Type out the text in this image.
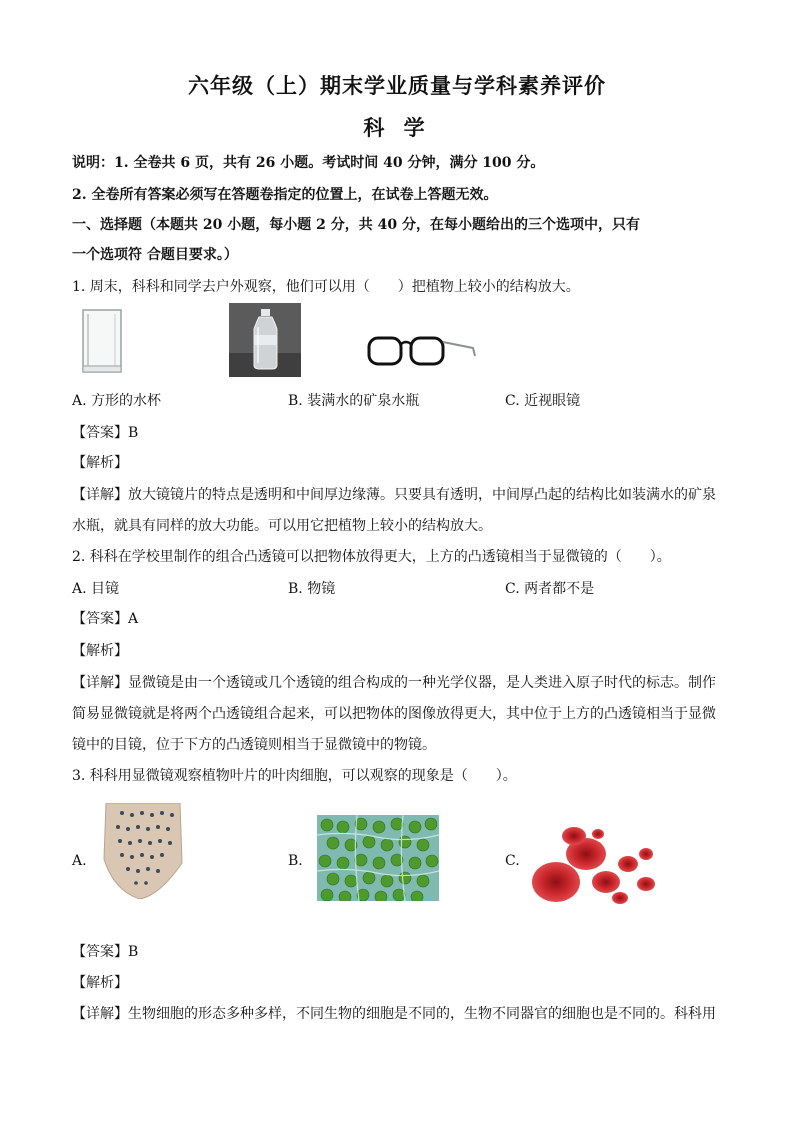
六年级（上）期末学业质量与学科素养评价
科 学
说明：1. 全卷共 6 页，共有 26 小题。考试时间 40 分钟，满分 100 分。
2. 全卷所有答案必须写在答题卷指定的位置上，在试卷上答题无效。
一、选择题（本题共 20 小题，每小题 2 分，共 40 分，在每小题给出的三个选项中，只有
一个选项符 合题目要求。）
1. 周末，科科和同学去户外观察，他们可以用（　　）把植物上较小的结构放大。
A. 方形的水杯	B. 装满水的矿泉水瓶	C. 近视眼镜
【答案】B
【解析】
【详解】放大镜镜片的特点是透明和中间厚边缘薄。只要具有透明，中间厚凸起的结构比如装满水的矿泉
水瓶，就具有同样的放大功能。可以用它把植物上较小的结构放大。
2. 科科在学校里制作的组合凸透镜可以把物体放得更大，上方的凸透镜相当于显微镜的（　　）。
A. 目镜	B. 物镜	C. 两者都不是
【答案】A
【解析】
【详解】显微镜是由一个透镜或几个透镜的组合构成的一种光学仪器，是人类进入原子时代的标志。制作
简易显微镜就是将两个凸透镜组合起来，可以把物体的图像放得更大，其中位于上方的凸透镜相当于显微
镜中的目镜，位于下方的凸透镜则相当于显微镜中的物镜。
3. 科科用显微镜观察植物叶片的叶肉细胞，可以观察的现象是（　　）。
A.	B.	C.
【答案】B
【解析】
【详解】生物细胞的形态多种多样，不同生物的细胞是不同的，生物不同器官的细胞也是不同的。科科用
